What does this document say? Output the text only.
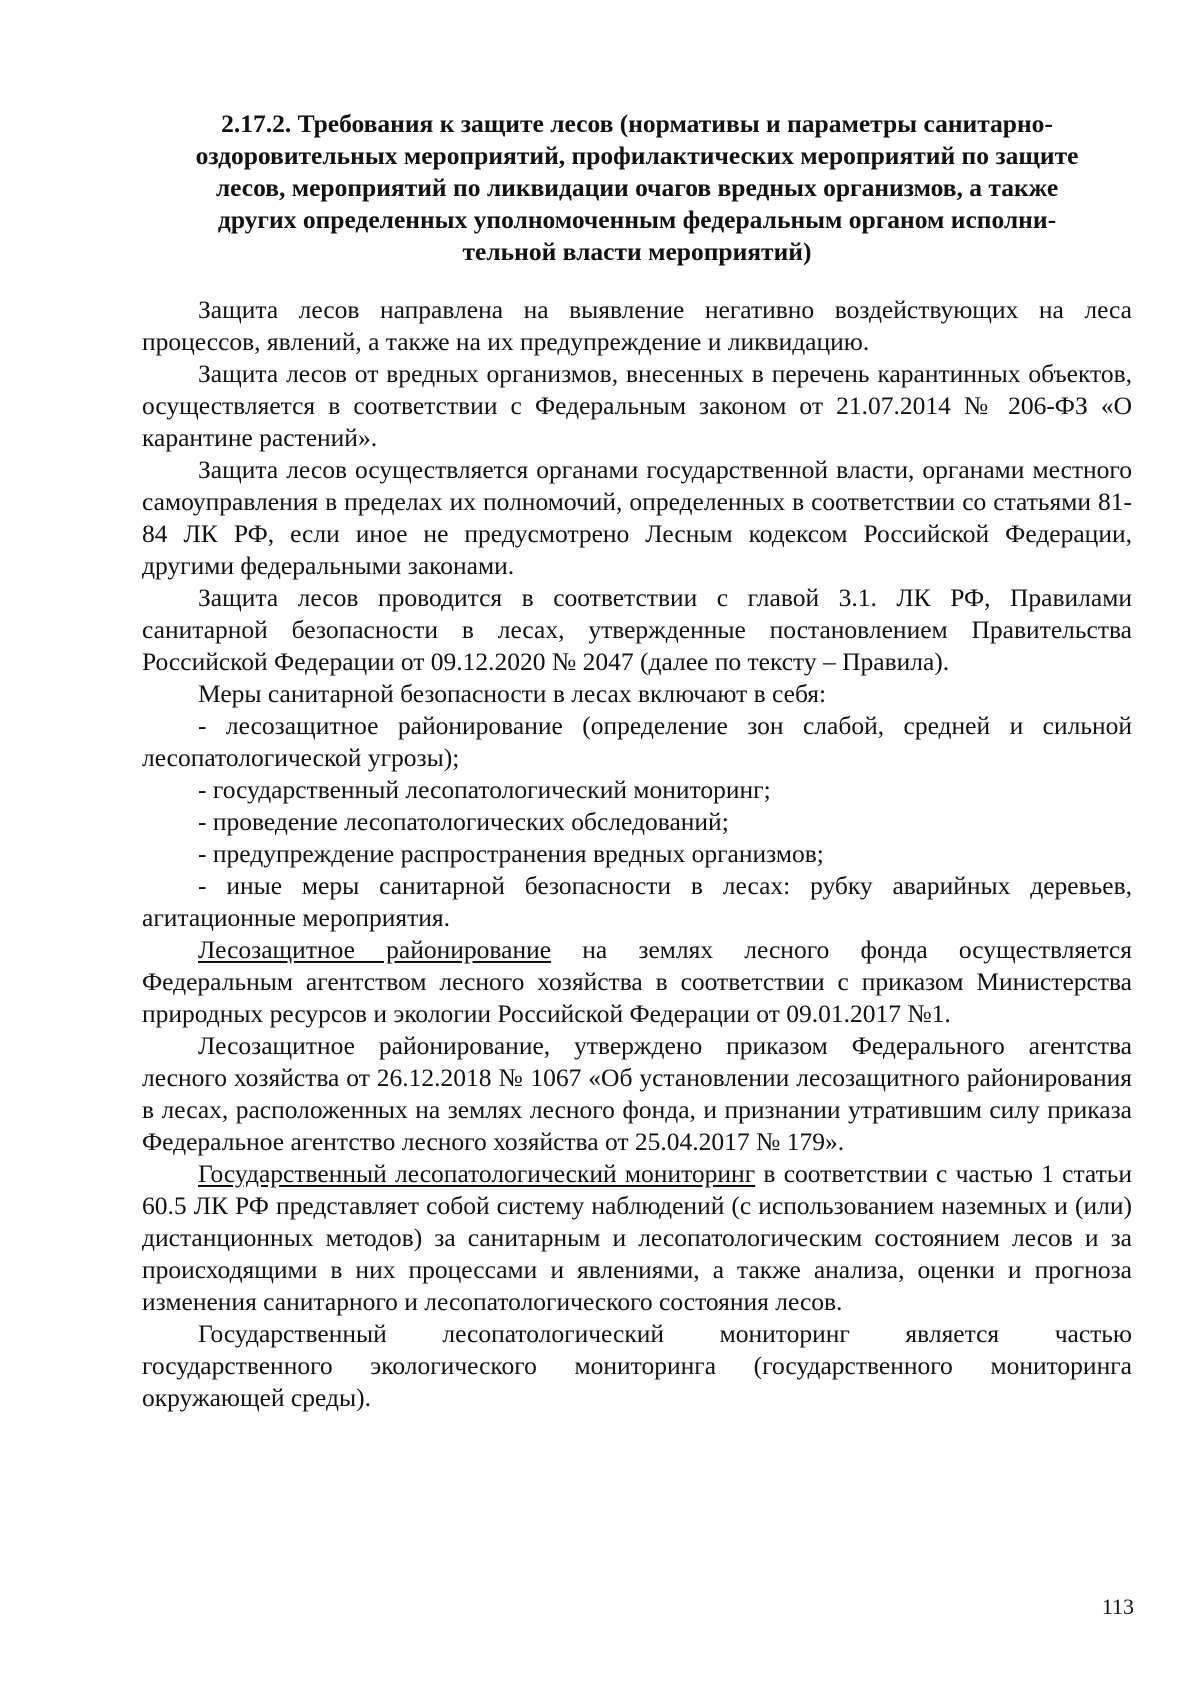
2.17.2. Требования к защите лесов (нормативы и параметры санитарно-
оздоровительных мероприятий, профилактических мероприятий по защите
лесов, мероприятий по ликвидации очагов вредных организмов, а также
других определенных уполномоченным федеральным органом исполни-
тельной власти мероприятий)

Защита лесов направлена на выявление негативно воздействующих на леса процессов, явлений, а также на их предупреждение и ликвидацию.

Защита лесов от вредных организмов, внесенных в перечень карантинных объектов, осуществляется в соответствии с Федеральным законом от 21.07.2014 № 206-ФЗ «О карантине растений».

Защита лесов осуществляется органами государственной власти, органами местного самоуправления в пределах их полномочий, определенных в соответствии со статьями 81-84 ЛК РФ, если иное не предусмотрено Лесным кодексом Российской Федерации, другими федеральными законами.

Защита лесов проводится в соответствии с главой 3.1. ЛК РФ, Правилами санитарной безопасности в лесах, утвержденные постановлением Правительства Российской Федерации от 09.12.2020 № 2047 (далее по тексту – Правила).

Меры санитарной безопасности в лесах включают в себя:

- лесозащитное районирование (определение зон слабой, средней и сильной лесопатологической угрозы);

- государственный лесопатологический мониторинг;

- проведение лесопатологических обследований;

- предупреждение распространения вредных организмов;

- иные меры санитарной безопасности в лесах: рубку аварийных деревьев, агитационные мероприятия.

Лесозащитное районирование на землях лесного фонда осуществляется Федеральным агентством лесного хозяйства в соответствии с приказом Министерства природных ресурсов и экологии Российской Федерации от 09.01.2017 №1.

Лесозащитное районирование, утверждено приказом Федерального агентства лесного хозяйства от 26.12.2018 № 1067 «Об установлении лесозащитного районирования в лесах, расположенных на землях лесного фонда, и признании утратившим силу приказа Федеральное агентство лесного хозяйства от 25.04.2017 № 179».

Государственный лесопатологический мониторинг в соответствии с частью 1 статьи 60.5 ЛК РФ представляет собой систему наблюдений (с использованием наземных и (или) дистанционных методов) за санитарным и лесопатологическим состоянием лесов и за происходящими в них процессами и явлениями, а также анализа, оценки и прогноза изменения санитарного и лесопатологического состояния лесов.

Государственный лесопатологический мониторинг является частью государственного экологического мониторинга (государственного мониторинга окружающей среды).

113
